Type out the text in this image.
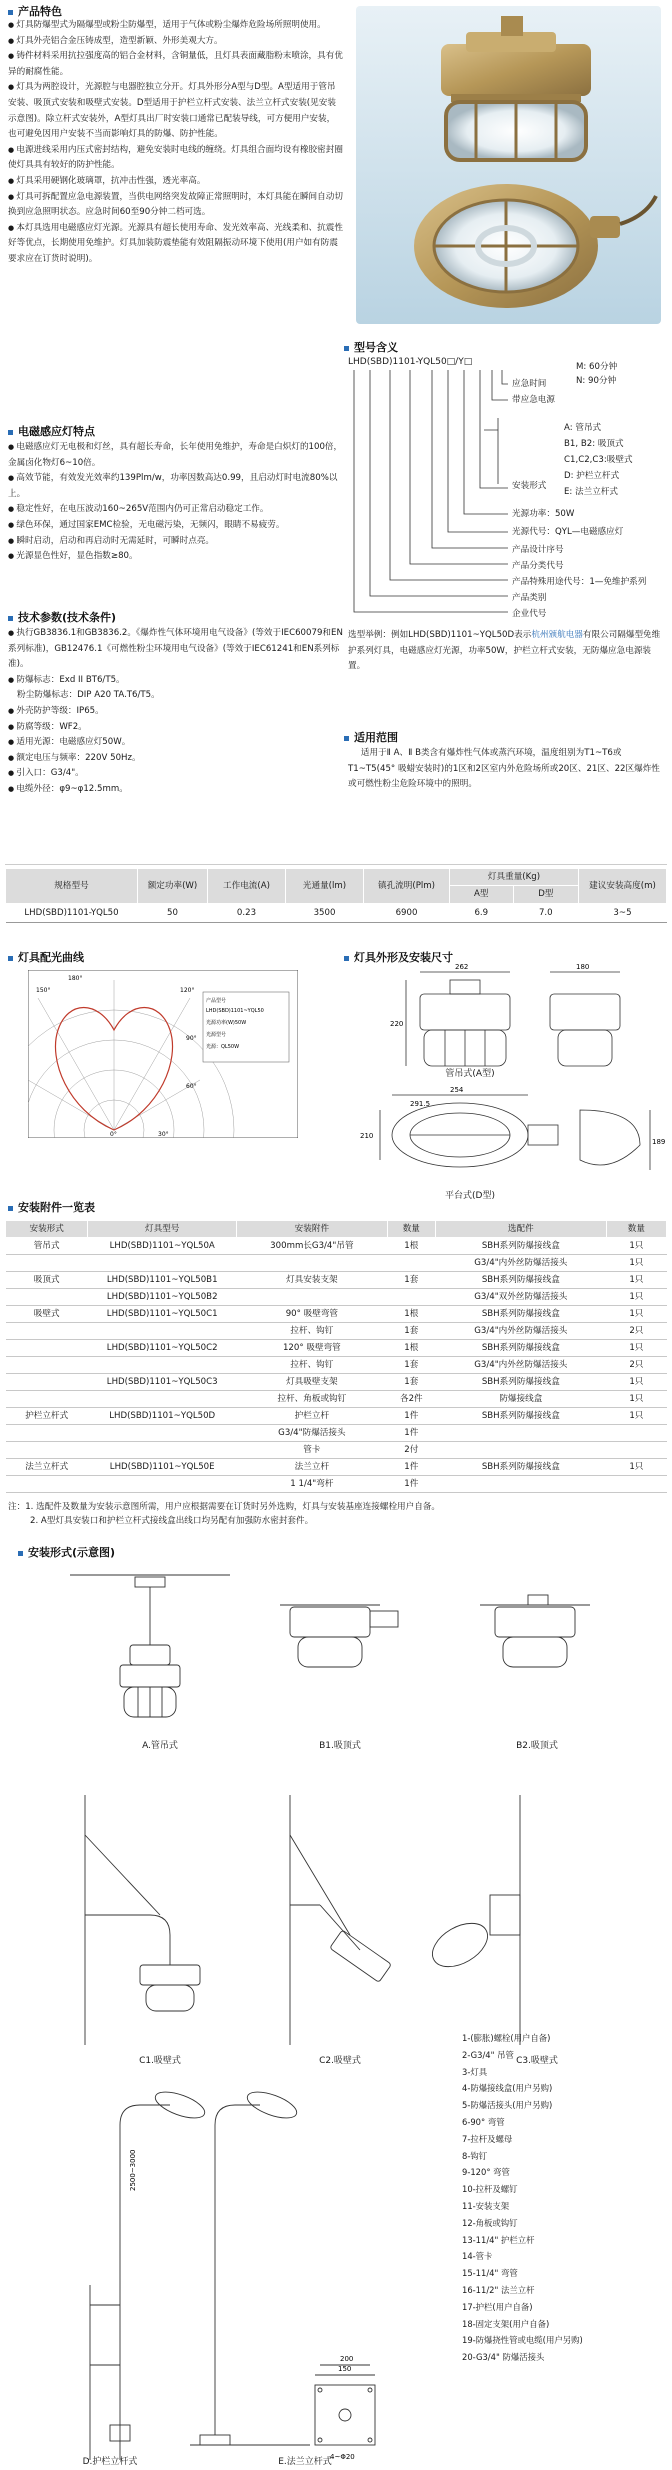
产品特色

● 灯具防爆型式为隔爆型或粉尘防爆型，适用于气体或粉尘爆炸危险场所照明使用。

● 灯具外壳铝合金压铸成型，造型新颖、外形美观大方。

● 铸件材料采用抗拉强度高的铝合金材料，含铜量低，且灯具表面藏脂粉末喷涂，具有优异的耐腐性能。

● 灯具为两腔设计，光源腔与电器腔独立分开。灯具外形分A型与D型。A型适用于管吊安装、吸顶式安装和吸壁式安装。D型适用于护栏立杆式安装、法兰立杆式安装(见安装示意图)。除立杆式安装外，A型灯具出厂时安装口通常已配装导线，可方便用户安装，也可避免因用户安装不当而影响灯具的防爆、防护性能。

● 电源进线采用内压式密封结构，避免安装时电线的缠绕。灯具组合面均设有橡胶密封圈使灯具具有较好的防护性能。

● 灯具采用硬钢化玻璃罩，抗冲击性强，透光率高。

● 灯具可拆配置应急电源装置，当供电网络突发故障正常照明时，本灯具能在瞬间自动切换到应急照明状态。应急时间60至90分钟二档可选。

● 本灯具选用电磁感应灯光源。光源具有超长使用寿命、发光效率高、光线柔和、抗震性好等优点，长期使用免维护。灯具加装防震垫能有效阻隔振动环境下使用(用户如有防震要求应在订货时说明)。

电磁感应灯特点

● 电磁感应灯无电极和灯丝，具有超长寿命，长年使用免维护，寿命是白炽灯的100倍，金属卤化物灯6~10倍。

● 高效节能，有效发光效率约139Plm/w，功率因数高达0.99，且启动灯时电流80%以上。

● 稳定性好，在电压波动160~265V范围内仍可正常启动稳定工作。

● 绿色环保，通过国家EMC检验，无电磁污染，无频闪，眼睛不易疲劳。

● 瞬时启动，启动和再启动时无需延时，可瞬时点亮。

● 光源显色性好，显色指数≥80。

技术参数(技术条件)

● 执行GB3836.1和GB3836.2。《爆炸性气体环境用电气设备》(等效于IEC60079和EN系列标准)，GB12476.1《可燃性粉尘环境用电气设备》(等效于IEC61241和EN系列标准)。

● 防爆标志：Exd II BT6/T5。

粉尘防爆标志：DIP A20 TA.T6/T5。

● 外壳防护等级：IP65。

● 防腐等级：WF2。

● 适用光源：电磁感应灯50W。

● 额定电压与频率：220V 50Hz。

● 引入口：G3/4"。

● 电缆外径：φ9~φ12.5mm。

型号含义
LHD(SBD)1101-YQL50□/Y□
应急时间
带应急电源
M: 60分钟
N: 90分钟
安装形式
A: 管吊式
B1, B2: 吸顶式
C1,C2,C3:吸壁式
D: 护栏立杆式
E: 法兰立杆式
光源功率：50W
光源代号：QYL—电磁感应灯
产品设计序号
产品分类代号
产品特殊用途代号：1—免维护系列
产品类别
企业代号
选型举例：例如LHD(SBD)1101~YQL50D表示杭州颁航电器有限公司隔爆型免维护系列灯具，电磁感应灯光源，功率50W，护栏立杆式安装，无防爆应急电源装置。
适用范围
适用于Ⅱ A、Ⅱ B类含有爆炸性气体或蒸汽环境，温度组别为T1~T6或T1~T5(45° 吸蜡安装时)的1区和2区室内外危险场所或20区、21区、22区爆炸性或可燃性粉尘危险环境中的照明。
规格型号	额定功率(W)	工作电流(A)	光通量(lm)	镇孔流明(Plm)	灯具重量(Kg)		建议安装高度(m)
					A型	D型	
LHD(SBD)1101-YQL50	50	0.23	3500	6900	6.9	7.0	3~5
灯具配光曲线
180°
150°	120°
90°
60°
30°
0°
产品型号
LHD(SBD)1101~YQL50
光源功率(W)50W
光源型号
光源：QL50W
灯具外形及安装尺寸
262
220
180
254
210
291.5
189
管吊式(A型)
平台式(D型)
安装附件一览表
安装形式	灯具型号	安装附件	数量	选配件	数量
管吊式	LHD(SBD)1101~YQL50A	300mm长G3/4"吊管	1根	SBH系列防爆接线盒	1只
				G3/4"内外丝防爆活接头	1只
吸顶式	LHD(SBD)1101~YQL50B1	灯具安装支架	1套	SBH系列防爆接线盒	1只
	LHD(SBD)1101~YQL50B2			G3/4"双外丝防爆活接头	1只
吸壁式	LHD(SBD)1101~YQL50C1	90° 吸壁弯管	1根	SBH系列防爆接线盒	1只
		拉杆、钩钉	1套	G3/4"内外丝防爆活接头	2只
	LHD(SBD)1101~YQL50C2	120° 吸壁弯管	1根	SBH系列防爆接线盒	1只
		拉杆、钩钉	1套	G3/4"内外丝防爆活接头	2只
	LHD(SBD)1101~YQL50C3	灯具吸壁支架	1套	SBH系列防爆接线盒	1只
		拉杆、角板或钩钉	各2件	防爆接线盒	1只
护栏立杆式	LHD(SBD)1101~YQL50D	护栏立杆	1件	SBH系列防爆接线盒	1只
		G3/4"防爆活接头	1件		
		管卡	2付		
法兰立杆式	LHD(SBD)1101~YQL50E	法兰立杆	1件	SBH系列防爆接线盒	1只
		1 1/4"弯杆	1件		

注：1. 选配件及数量为安装示意图所需，用户应根据需要在订货时另外选购，灯具与安装基座连接螺栓用户自备。

2. A型灯具安装口和护栏立杆式接线盒出线口均另配有加强防水密封套件。

安装形式(示意图)
2500~3000
200
150
4~Φ20
A.管吊式	B1.吸顶式	B2.吸顶式
C1.吸壁式	C2.吸壁式	C3.吸壁式
D.护栏立杆式	E.法兰立杆式
1-(膨胀)螺栓(用户自备)
2-G3/4" 吊管
3-灯具
4-防爆接线盒(用户另购)
5-防爆活接头(用户另购)
6-90° 弯管
7-拉杆及螺母
8-钩钉
9-120° 弯管
10-拉杆及螺钉
11-安装支架
12-角板或钩钉
13-11/4" 护栏立杆
14-管卡
15-11/4" 弯管
16-11/2" 法兰立杆
17-护栏(用户自备)
18-固定支架(用户自备)
19-防爆挠性管或电缆(用户另购)
20-G3/4" 防爆活接头
